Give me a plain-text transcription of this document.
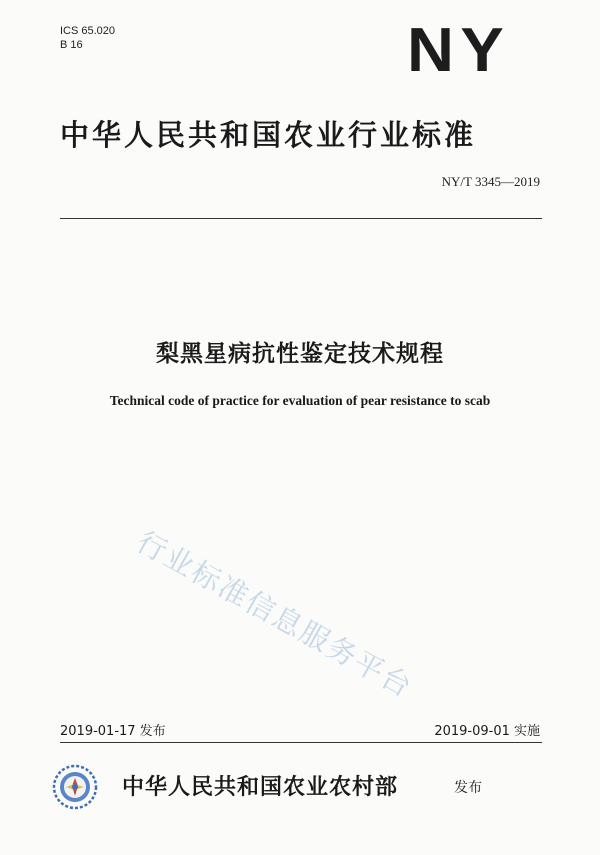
ICS 65.020
B 16	NY
中华人民共和国农业行业标准
NY/T 3345—2019
梨黑星病抗性鉴定技术规程
Technical code of practice for evaluation of pear resistance to scab
行业标准信息服务平台
2019-01-17 发布	2019-09-01 实施
中华人民共和国农业农村部	发布
